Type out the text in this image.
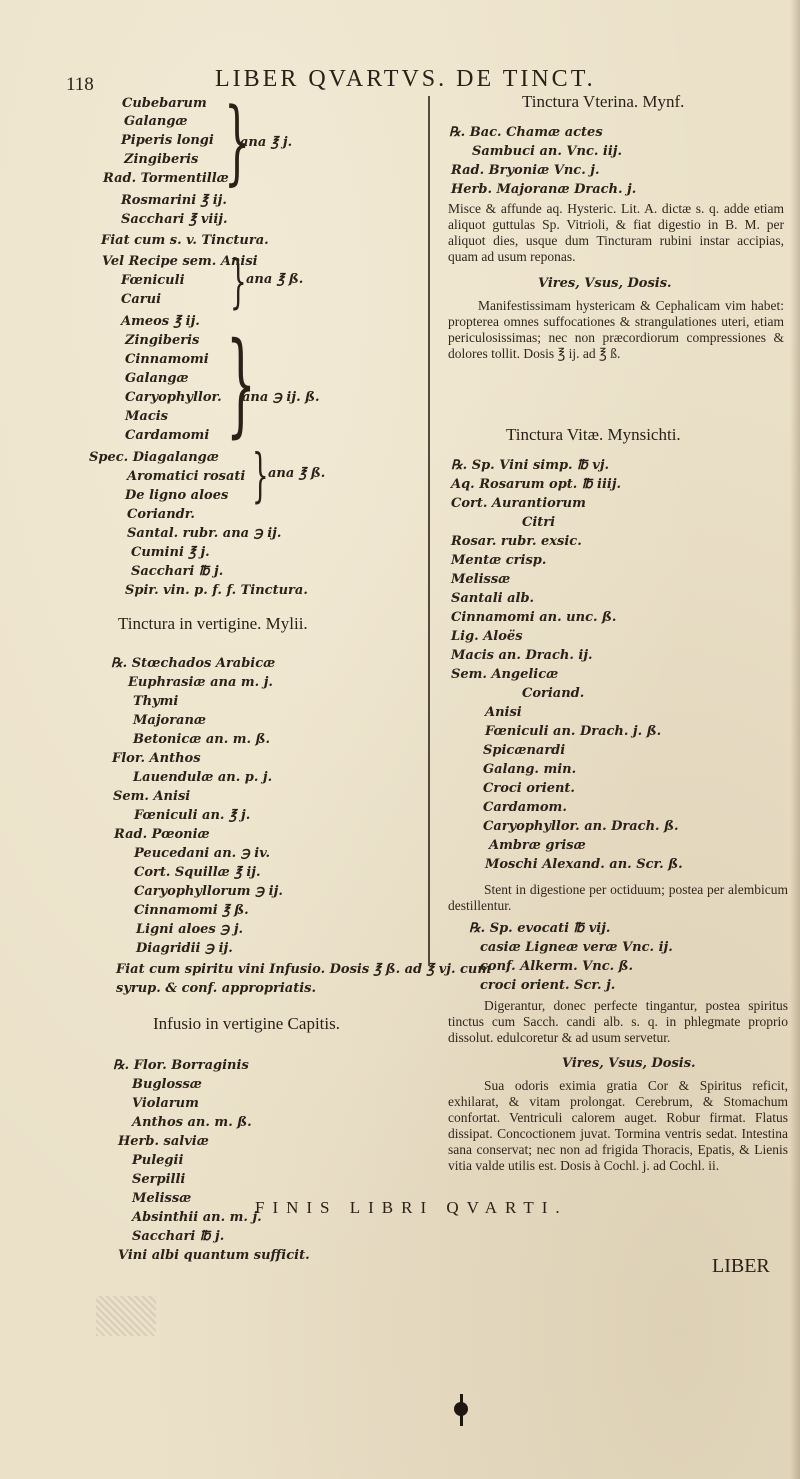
118	LIBER QVARTVS. DE TINCT.
Cubebarum
Galangæ
Piperis longi
Zingiberis
Rad. Tormentillæ
}
ana ℥ j.
Rosmarini ℥ ij.
Sacchari ℥ viij.
Fiat cum s. v. Tinctura.
Vel Recipe sem. Anisi
Fœniculi
Carui } ana ℥ ß.
Ameos ℥ ij.
Zingiberis
Cinnamomi
Galangæ
Caryophyllor.
Macis
Cardamomi }
ana ℈ ij. ß.
Spec. Diagalangæ
Aromatici rosati
De ligno aloes } ana ℥ ß.
Coriandr.
Santal. rubr. ana ℈ ij.
Cumini ℥ j.
Sacchari ℔ j.
Spir. vin. p. f. f. Tinctura.
Tinctura in vertigine. Mylii.
℞. Stœchados Arabicæ
Euphrasiæ ana m. j.
Thymi
Majoranæ
Betonicæ an. m. ß.
Flor. Anthos
Lauendulæ an. p. j.
Sem. Anisi
Fœniculi an. ℥ j.
Rad. Pœoniæ
Peucedani an. ℈ iv.
Cort. Squillæ ℥ ij.
Caryophyllorum ℈ ij.
Cinnamomi ℥ ß.
Ligni aloes ℈ j.
Diagridii ℈ ij.
Fiat cum spiritu vini Infusio. Dosis ℥ ß. ad ℥ vj. cum
syrup. & conf. appropriatis.
Infusio in vertigine Capitis.
℞. Flor. Borraginis
Buglossæ
Violarum
Anthos an. m. ß.
Herb. salviæ
Pulegii
Serpilli
Melissæ
Absinthii an. m. j.
Sacchari ℔ j.
Vini albi quantum sufficit.
Tinctura Vterina. Mynf.
℞. Bac. Chamæ actes
Sambuci an. Vnc. iij.
Rad. Bryoniæ Vnc. j.
Herb. Majoranæ Drach. j.
Misce & affunde aq. Hysteric. Lit. A. dictæ s. q. adde etiam aliquot guttulas Sp. Vitrioli, & fiat digestio in B. M. per aliquot dies, usque dum Tincturam rubini instar accipias, quam ad usum reponas.
Vires, Vsus, Dosis.
Manifestissimam hystericam & Cephalicam vim habet: propterea omnes suffocationes & strangulationes uteri, etiam periculosissimas; nec non præcordiorum compressiones & dolores tollit. Dosis ℥ ij. ad ℥ ß.
Tinctura Vitæ. Mynsichti.
℞. Sp. Vini simp. ℔ vj.
Aq. Rosarum opt. ℔ iiij.
Cort. Aurantiorum
Citri
Rosar. rubr. exsic.
Mentæ crisp.
Melissæ
Santali alb.
Cinnamomi an. unc. ß.
Lig. Aloës
Macis an. Drach. ij.
Sem. Angelicæ
Coriand.
Anisi
Fœniculi an. Drach. j. ß.
Spicænardi
Galang. min.
Croci orient.
Cardamom.
Caryophyllor. an. Drach. ß.
Ambræ grisæ
Moschi Alexand. an. Scr. ß.
Stent in digestione per octiduum; postea per alembicum destillentur.
℞. Sp. evocati ℔ vij.
casiæ Ligneæ veræ Vnc. ij.
conf. Alkerm. Vnc. ß.
croci orient. Scr. j.
Digerantur, donec perfecte tingantur, postea spiritus tinctus cum Sacch. candi alb. s. q. in phlegmate proprio dissolut. edulcoretur & ad usum servetur.
Vires, Vsus, Dosis.
Sua odoris eximia gratia Cor & Spiritus reficit, exhilarat, & vitam prolongat. Cerebrum, & Stomachum confortat. Ventriculi calorem auget. Robur firmat. Flatus dissipat. Concoctionem juvat. Tormina ventris sedat. Intestina sana conservat; nec non ad frigida Thoracis, Epatis, & Lienis vitia valde utilis est. Dosis à Cochl. j. ad Cochl. ii.
FINIS LIBRI QVARTI.
LIBER
